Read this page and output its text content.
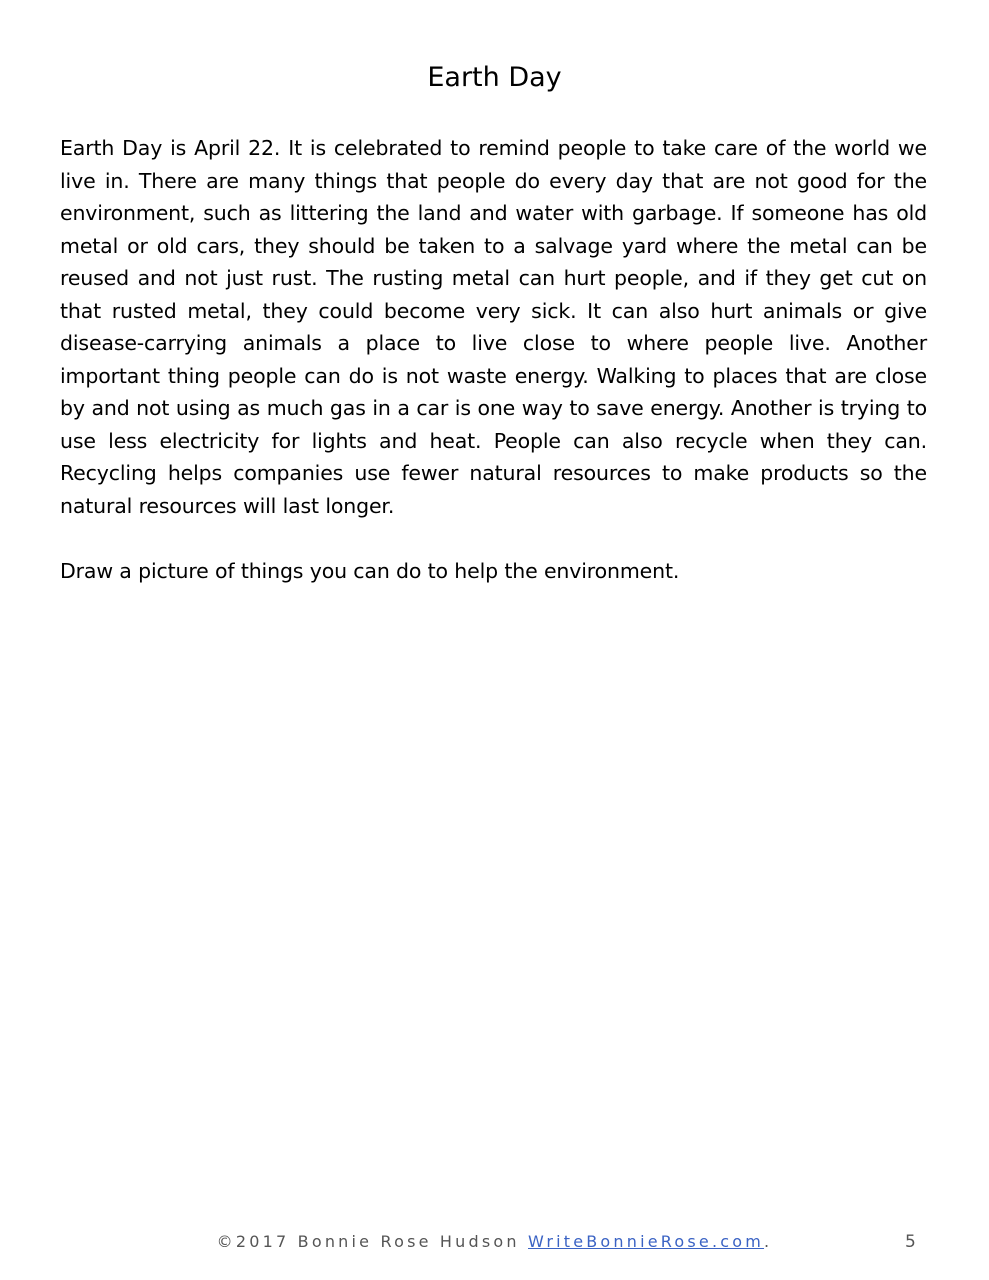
Earth Day

Earth Day is April 22. It is celebrated to remind people to take care of the world we live in. There are many things that people do every day that are not good for the environment, such as littering the land and water with garbage. If someone has old metal or old cars, they should be taken to a salvage yard where the metal can be reused and not just rust. The rusting metal can hurt people, and if they get cut on that rusted metal, they could become very sick. It can also hurt animals or give disease-carrying animals a place to live close to where people live. Another important thing people can do is not waste energy. Walking to places that are close by and not using as much gas in a car is one way to save energy. Another is trying to use less electricity for lights and heat. People can also recycle when they can. Recycling helps companies use fewer natural resources to make products so the natural resources will last longer.

Draw a picture of things you can do to help the environment.

©2017 Bonnie Rose Hudson WriteBonnieRose.com.	5
